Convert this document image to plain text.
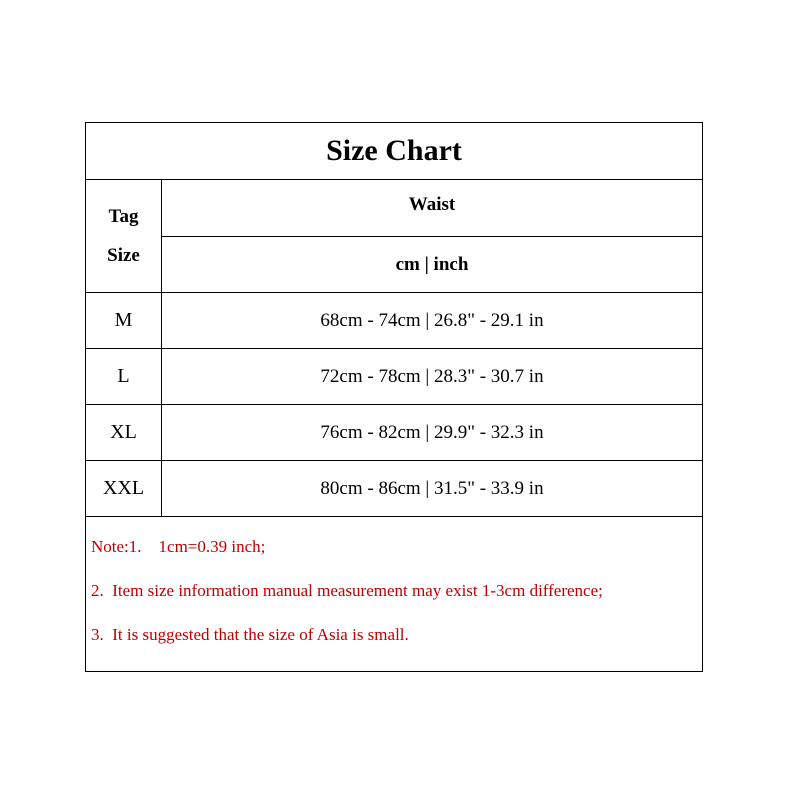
Size Chart
Tag
Size
Waist
cm | inch
M	68cm - 74cm | 26.8" - 29.1 in
L	72cm - 78cm | 28.3" - 30.7 in
XL	76cm - 82cm | 29.9" - 32.3 in
XXL	80cm - 86cm | 31.5" - 33.9 in
Note:1.    1cm=0.39 inch;
2.  Item size information manual measurement may exist 1-3cm difference;
3.  It is suggested that the size of Asia is small.
